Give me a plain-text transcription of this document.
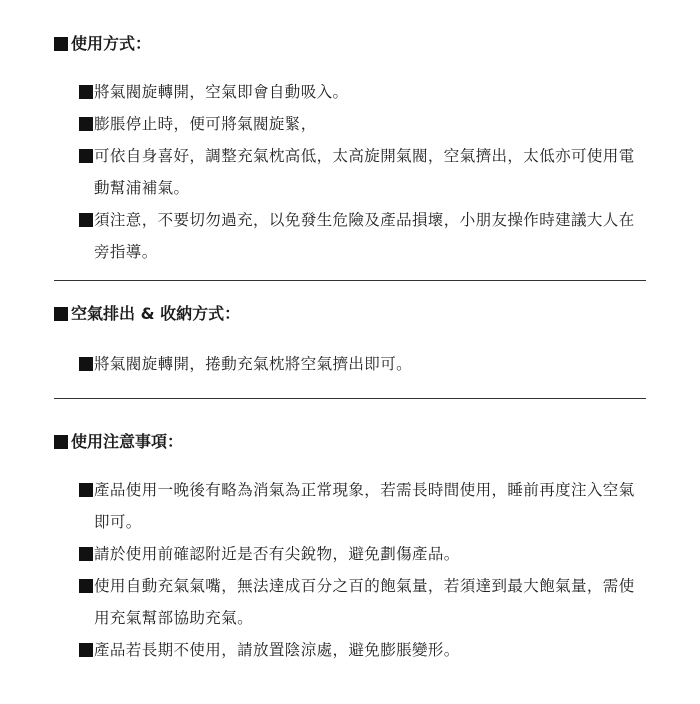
使用方式：
將氣閥旋轉開，空氣即會自動吸入。
膨脹停止時，便可將氣閥旋緊，
可依自身喜好，調整充氣枕高低，太高旋開氣閥，空氣擠出，太低亦可使用電動幫浦補氣。
須注意，不要切勿過充，以免發生危險及產品損壞，小朋友操作時建議大人在旁指導。
空氣排出 & 收納方式：
將氣閥旋轉開，捲動充氣枕將空氣擠出即可。
使用注意事項：
產品使用一晚後有略為消氣為正常現象，若需長時間使用，睡前再度注入空氣即可。
請於使用前確認附近是否有尖銳物，避免劃傷產品。
使用自動充氣氣嘴，無法達成百分之百的飽氣量，若須達到最大飽氣量，需使用充氣幫部協助充氣。
產品若長期不使用，請放置陰涼處，避免膨脹變形。
